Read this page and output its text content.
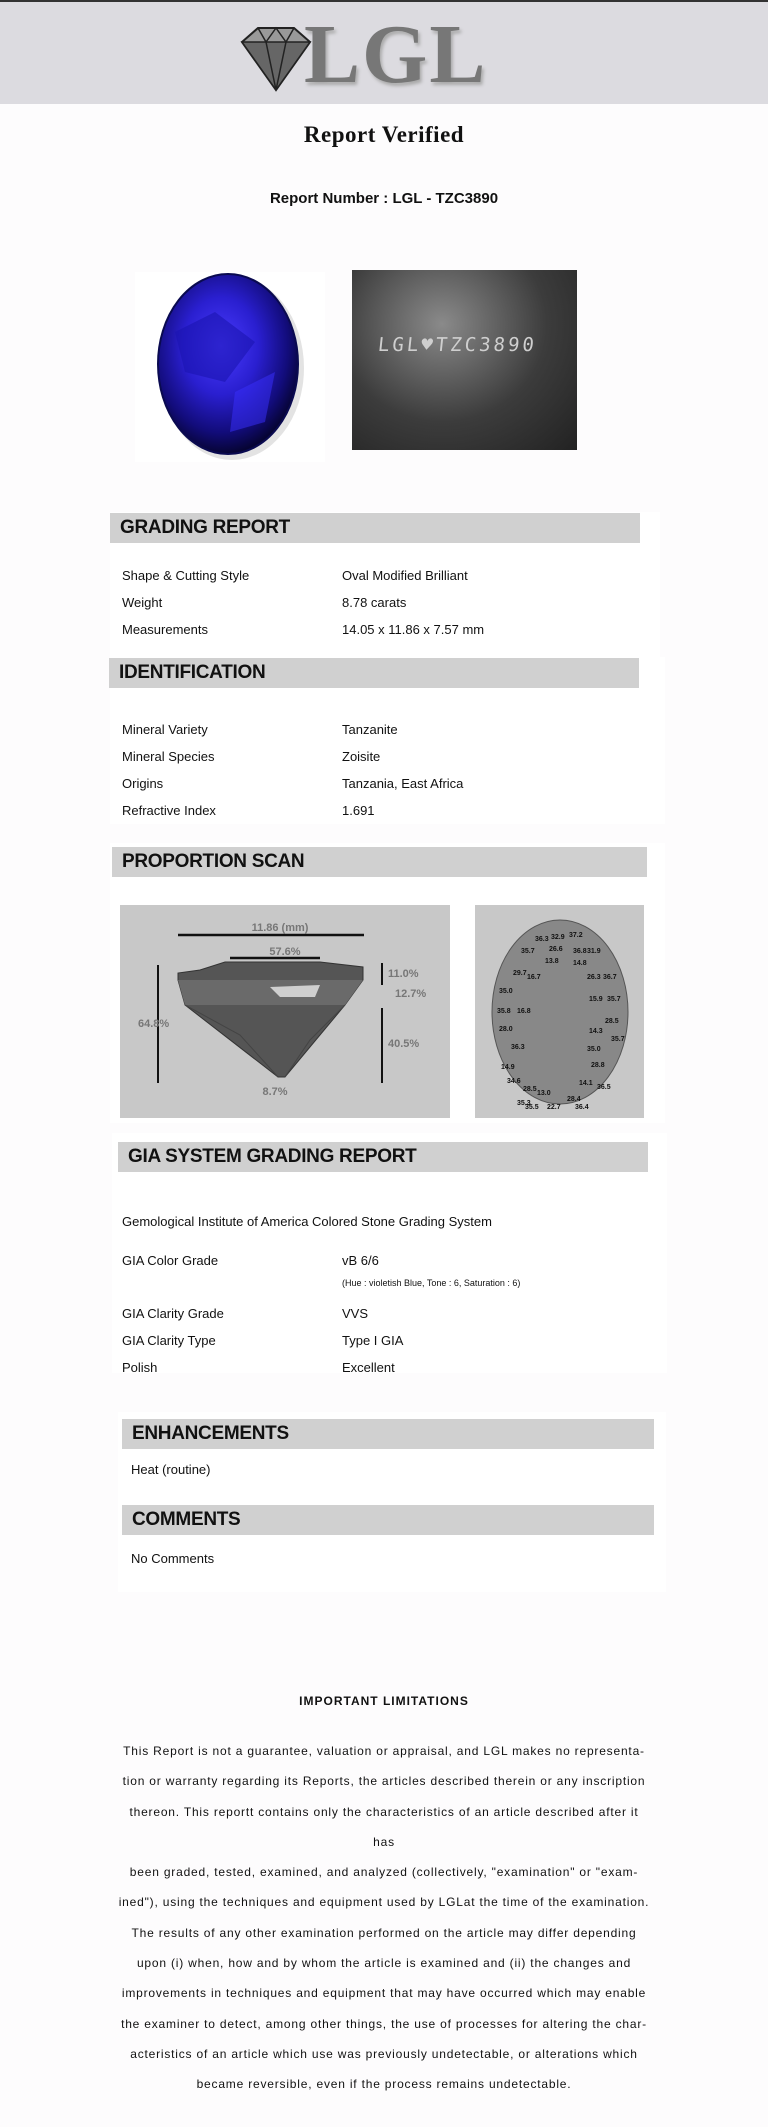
LGL
Report Verified
Report Number : LGL - TZC3890
LGL♥TZC3890
GRADING REPORT
Shape & Cutting Style	Oval Modified Brilliant
Weight	8.78 carats
Measurements	14.05 x 11.86 x 7.57 mm
IDENTIFICATION
Mineral Variety	Tanzanite
Mineral Species	Zoisite
Origins	Tanzania, East Africa
Refractive Index	1.691
PROPORTION SCAN
11.86 (mm)
57.6%
64.8%
11.0%
12.7%
40.5%
8.7%
36.3 32.9 37.2
35.7 26.6 36.8 31.9
13.8 14.8
29.7
26.3 36.7
16.7
35.0
15.9 35.7
35.8 16.8
28.5
28.0	14.3
35.7
36.3	35.0
14.9	28.8
34.6
28.5
14.1
13.0
36.5
35.3
28.4
35.5 22.7 36.4
GIA SYSTEM GRADING REPORT
Gemological Institute of America Colored Stone Grading System
GIA Color Grade	vB 6/6
(Hue : violetish Blue, Tone : 6, Saturation : 6)
GIA Clarity Grade	VVS
GIA Clarity Type	Type I GIA
Polish	Excellent
ENHANCEMENTS
Heat (routine)
COMMENTS
No Comments
IMPORTANT LIMITATIONS
This Report is not a guarantee, valuation or appraisal, and LGL makes no representa-
tion or warranty regarding its Reports, the articles described therein or any inscription
thereon. This reportt contains only the characteristics of an article described after it has
been graded, tested, examined, and analyzed (collectively, "examination" or "exam-
ined"), using the techniques and equipment used by LGLat the time of the examination.
The results of any other examination performed on the article may differ depending
upon (i) when, how and by whom the article is examined and (ii) the changes and
improvements in techniques and equipment that may have occurred which may enable
the examiner to detect, among other things, the use of processes for altering the char-
acteristics of an article which use was previously undetectable, or alterations which
became reversible, even if the process remains undetectable.
